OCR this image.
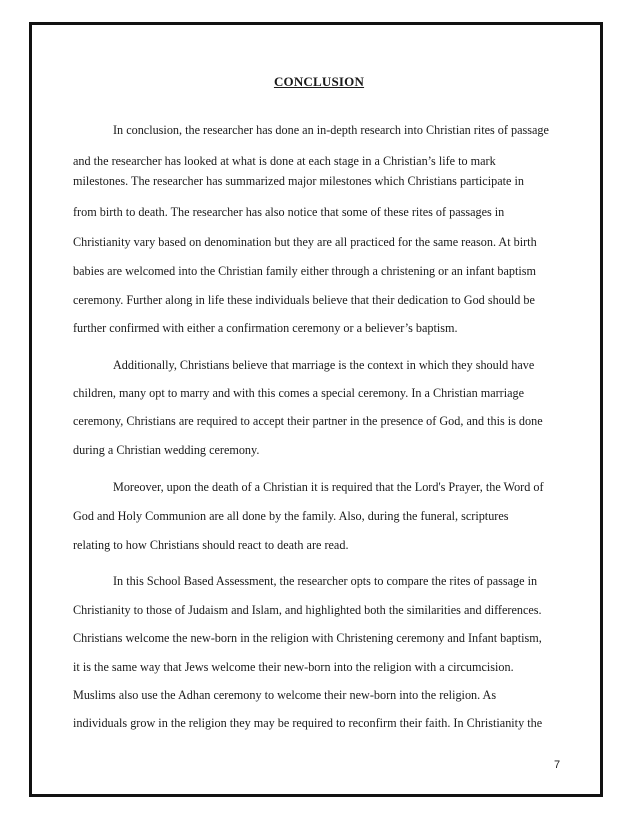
CONCLUSION
In conclusion, the researcher has done an in-depth research into Christian rites of passage
and the researcher has looked at what is done at each stage in a Christian’s life to mark
milestones. The researcher has summarized major milestones which Christians participate in
from birth to death. The researcher has also notice that some of these rites of passages in
Christianity vary based on denomination but they are all practiced for the same reason. At birth
babies are welcomed into the Christian family either through a christening or an infant baptism
ceremony. Further along in life these individuals believe that their dedication to God should be
further confirmed with either a confirmation ceremony or a believer’s baptism.
Additionally, Christians believe that marriage is the context in which they should have
children, many opt to marry and with this comes a special ceremony. In a Christian marriage
ceremony, Christians are required to accept their partner in the presence of God, and this is done
during a Christian wedding ceremony.
Moreover, upon the death of a Christian it is required that the Lord's Prayer, the Word of
God and Holy Communion are all done by the family. Also, during the funeral, scriptures
relating to how Christians should react to death are read.
In this School Based Assessment, the researcher opts to compare the rites of passage in
Christianity to those of Judaism and Islam, and highlighted both the similarities and differences.
Christians welcome the new-born in the religion with Christening ceremony and Infant baptism,
it is the same way that Jews welcome their new-born into the religion with a circumcision.
Muslims also use the Adhan ceremony to welcome their new-born into the religion. As
individuals grow in the religion they may be required to reconfirm their faith. In Christianity the
7
